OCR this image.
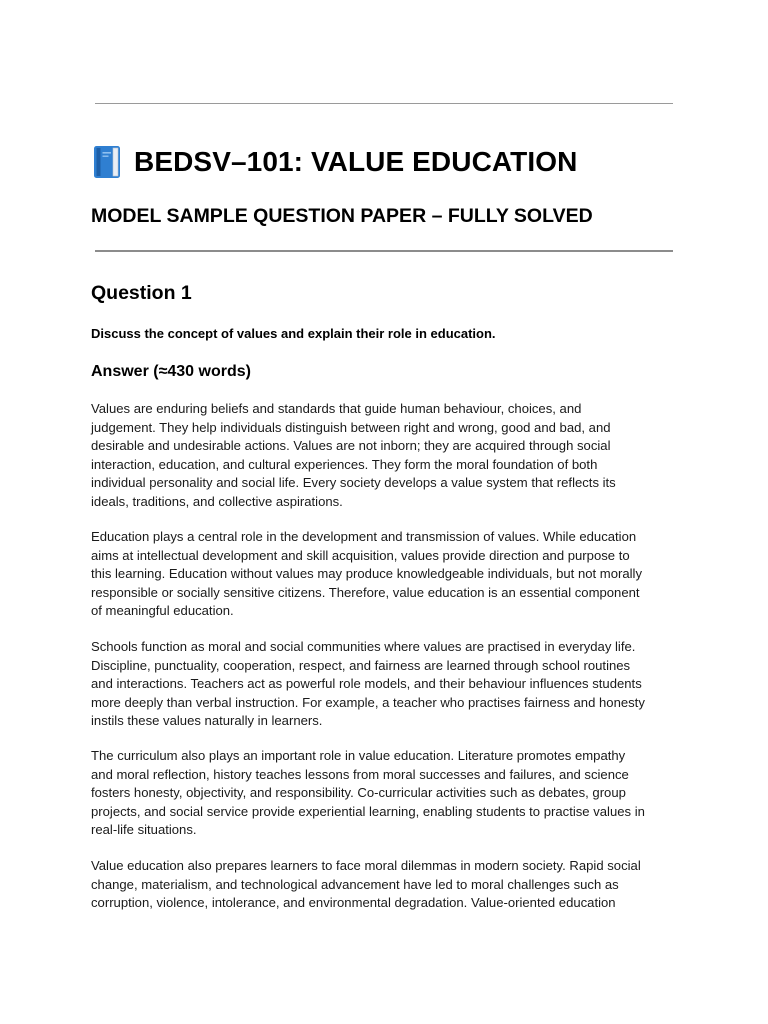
BEDSV–101: VALUE EDUCATION
MODEL SAMPLE QUESTION PAPER – FULLY SOLVED
Question 1
Discuss the concept of values and explain their role in education.
Answer (≈430 words)
Values are enduring beliefs and standards that guide human behaviour, choices, and
judgement. They help individuals distinguish between right and wrong, good and bad, and
desirable and undesirable actions. Values are not inborn; they are acquired through social
interaction, education, and cultural experiences. They form the moral foundation of both
individual personality and social life. Every society develops a value system that reflects its
ideals, traditions, and collective aspirations.
Education plays a central role in the development and transmission of values. While education
aims at intellectual development and skill acquisition, values provide direction and purpose to
this learning. Education without values may produce knowledgeable individuals, but not morally
responsible or socially sensitive citizens. Therefore, value education is an essential component
of meaningful education.
Schools function as moral and social communities where values are practised in everyday life.
Discipline, punctuality, cooperation, respect, and fairness are learned through school routines
and interactions. Teachers act as powerful role models, and their behaviour influences students
more deeply than verbal instruction. For example, a teacher who practises fairness and honesty
instils these values naturally in learners.
The curriculum also plays an important role in value education. Literature promotes empathy
and moral reflection, history teaches lessons from moral successes and failures, and science
fosters honesty, objectivity, and responsibility. Co-curricular activities such as debates, group
projects, and social service provide experiential learning, enabling students to practise values in
real-life situations.
Value education also prepares learners to face moral dilemmas in modern society. Rapid social
change, materialism, and technological advancement have led to moral challenges such as
corruption, violence, intolerance, and environmental degradation. Value-oriented education
